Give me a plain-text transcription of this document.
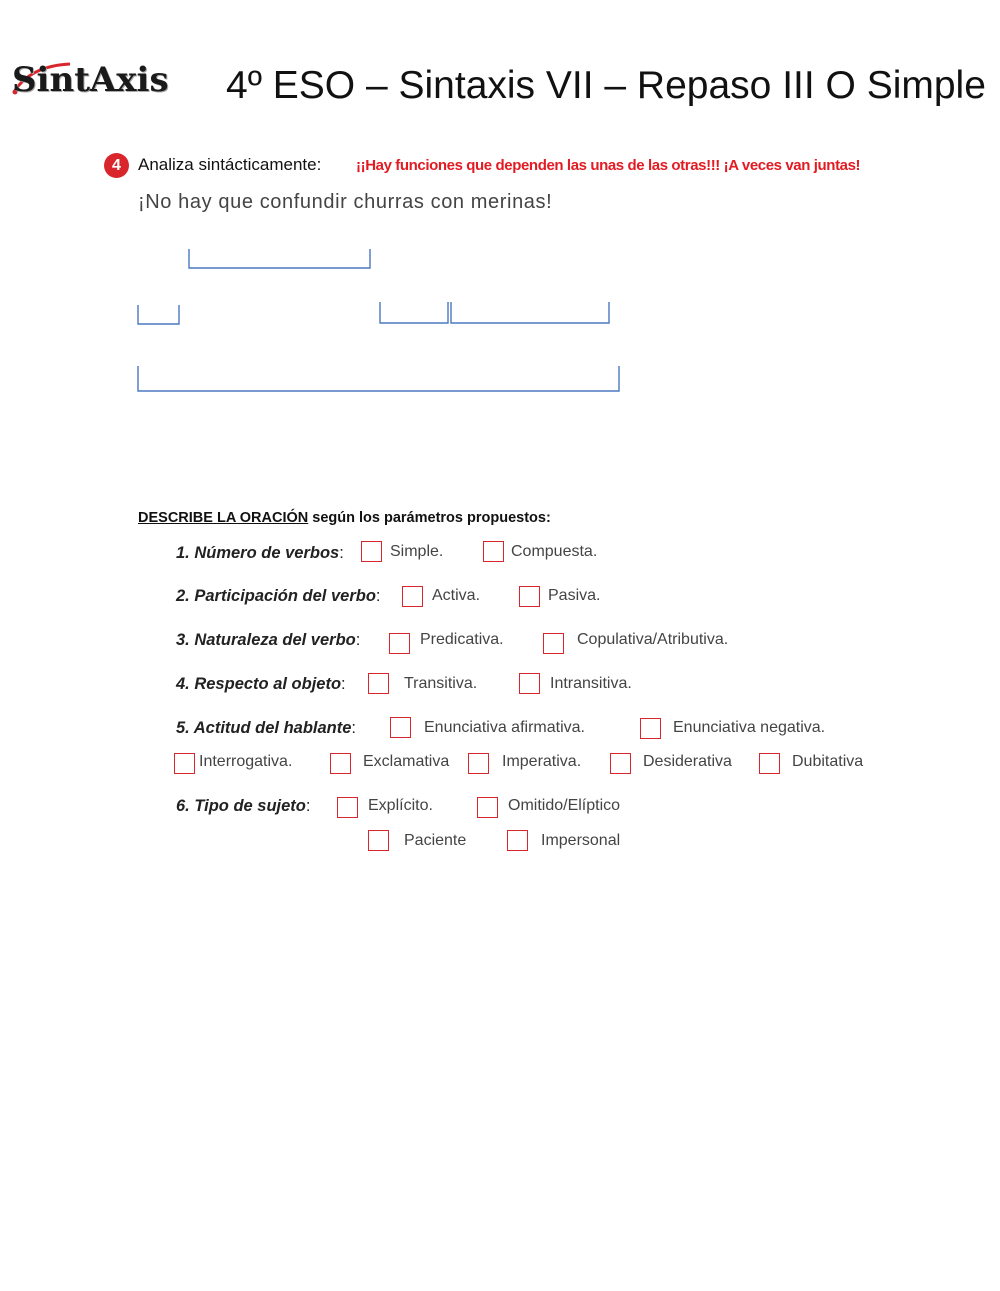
SintAxis	4º ESO – Sintaxis VII – Repaso III O Simple
4	Analiza sintácticamente: ¡¡Hay funciones que dependen las unas de las otras!!! ¡A veces van juntas!
¡No hay que confundir churras con merinas!
DESCRIBE LA ORACIÓN según los parámetros propuestos:
1. Número de verbos:	Simple.	Compuesta.
2. Participación del verbo:	Activa.	Pasiva.
3. Naturaleza del verbo:	Predicativa.	Copulativa/Atributiva.
4. Respecto al objeto:	Transitiva.	Intransitiva.
5. Actitud del hablante:	Enunciativa afirmativa.	Enunciativa negativa.
Interrogativa.	Exclamativa	Imperativa.	Desiderativa	Dubitativa
6. Tipo de sujeto:	Explícito.	Omitido/Elíptico
Paciente	Impersonal
